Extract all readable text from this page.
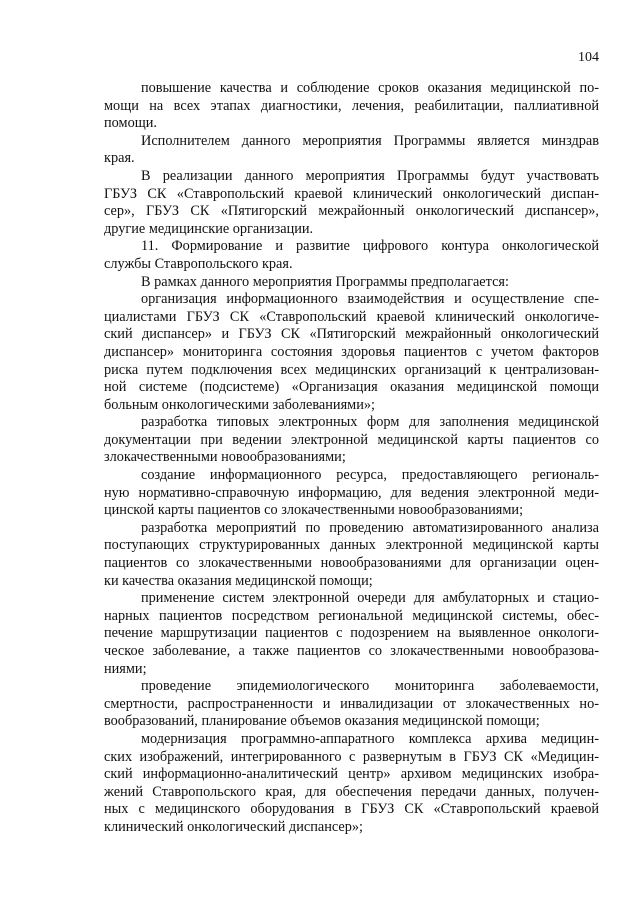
104
повышение качества и соблюдение сроков оказания медицинской по-
мощи на всех этапах диагностики, лечения, реабилитации, паллиативной
помощи.
Исполнителем данного мероприятия Программы является минздрав
края.
В реализации данного мероприятия Программы будут участвовать
ГБУЗ СК «Ставропольский краевой клинический онкологический диспан-
сер», ГБУЗ СК «Пятигорский межрайонный онкологический диспансер»,
другие медицинские организации.
11. Формирование и развитие цифрового контура онкологической
службы Ставропольского края.
В рамках данного мероприятия Программы предполагается:
организация информационного взаимодействия и осуществление спе-
циалистами ГБУЗ СК «Ставропольский краевой клинический онкологиче-
ский диспансер» и ГБУЗ СК «Пятигорский межрайонный онкологический
диспансер» мониторинга состояния здоровья пациентов с учетом факторов
риска путем подключения всех медицинских организаций к централизован-
ной системе (подсистеме) «Организация оказания медицинской помощи
больным онкологическими заболеваниями»;
разработка типовых электронных форм для заполнения медицинской
документации при ведении электронной медицинской карты пациентов со
злокачественными новообразованиями;
создание информационного ресурса, предоставляющего региональ-
ную нормативно-справочную информацию, для ведения электронной меди-
цинской карты пациентов со злокачественными новообразованиями;
разработка мероприятий по проведению автоматизированного анализа
поступающих структурированных данных электронной медицинской карты
пациентов со злокачественными новообразованиями для организации оцен-
ки качества оказания медицинской помощи;
применение систем электронной очереди для амбулаторных и стацио-
нарных пациентов посредством региональной медицинской системы, обес-
печение маршрутизации пациентов с подозрением на выявленное онкологи-
ческое заболевание, а также пациентов со злокачественными новообразова-
ниями;
проведение эпидемиологического мониторинга заболеваемости,
смертности, распространенности и инвалидизации от злокачественных но-
вообразований, планирование объемов оказания медицинской помощи;
модернизация программно-аппаратного комплекса архива медицин-
ских изображений, интегрированного с развернутым в ГБУЗ СК «Медицин-
ский информационно-аналитический центр» архивом медицинских изобра-
жений Ставропольского края, для обеспечения передачи данных, получен-
ных с медицинского оборудования в ГБУЗ СК «Ставропольский краевой
клинический онкологический диспансер»;
